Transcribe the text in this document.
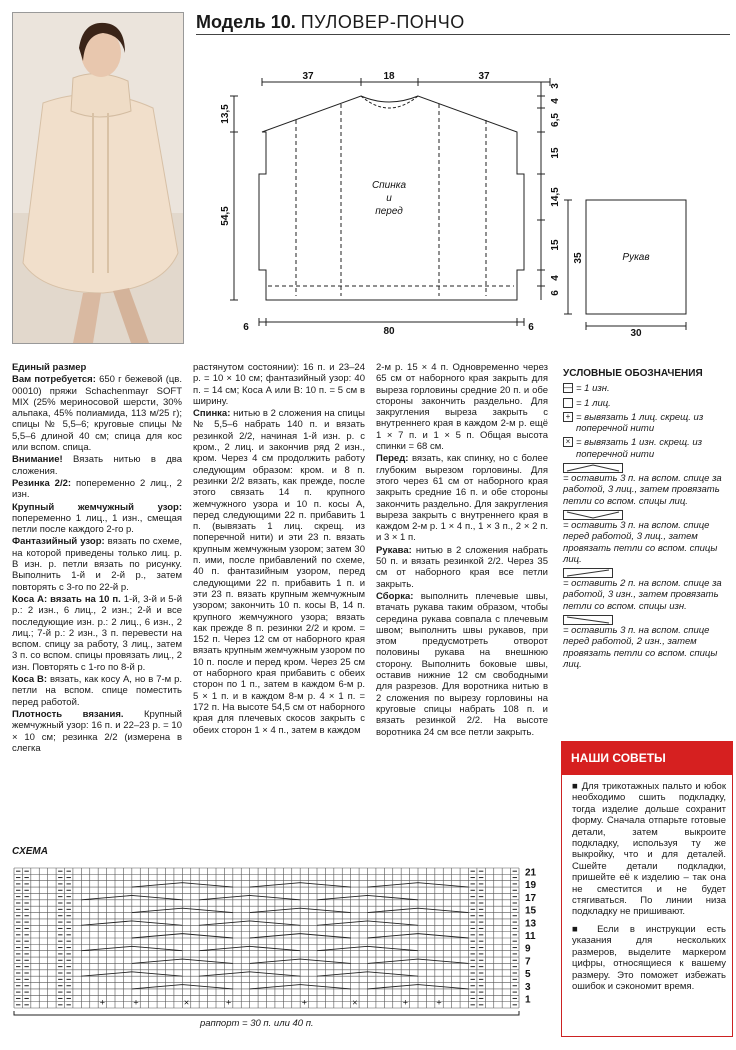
Модель 10. ПУЛОВЕР-ПОНЧО
37	18	37
13,5
54,5
6,5
4
3
15
14,5
15
4
6
6	80	6
35
30
Спинка
и
перед
Рукав

Единый размер

Вам потребуется: 650 г бежевой (цв. 00010) пряжи Schachenmayr SOFT MIX (25% мериносовой шерсти, 30% альпака, 45% полиамида, 113 м/25 г); спицы № 5,5–6; круговые спицы № 5,5–6 длиной 40 см; спица для кос или вспом. спица.

Внимание! Вязать нитью в два сложения.

Резинка 2/2: попеременно 2 лиц., 2 изн.

Крупный жемчужный узор: попеременно 1 лиц., 1 изн., смещая петли после каждого 2-го р.

Фантазийный узор: вязать по схеме, на которой приведены только лиц. р. В изн. р. петли вязать по рисунку. Выполнить 1-й и 2-й р., затем повторять с 3-го по 22-й р.

Коса А: вязать на 10 п. 1-й, 3-й и 5-й р.: 2 изн., 6 лиц., 2 изн.; 2-й и все последующие изн. р.: 2 лиц., 6 изн., 2 лиц.; 7-й р.: 2 изн., 3 п. перевести на вспом. спицу за работу, 3 лиц., затем 3 п. со вспом. спицы провязать лиц., 2 изн. Повторять с 1-го по 8-й р.

Коса В: вязать, как косу А, но в 7-м р. петли на вспом. спице поместить перед работой.

Плотность вязания. Крупный жемчужный узор: 16 п. и 22–23 р. = 10 × 10 см; резинка 2/2 (измерена в слегка

растянутом состоянии): 16 п. и 23–24 р. = 10 × 10 см; фантазийный узор: 40 п. = 14 см; Коса А или В: 10 п. = 5 см в ширину.

Спинка: нитью в 2 сложения на спицы № 5,5–6 набрать 140 п. и вязать резинкой 2/2, начиная 1-й изн. р. с кром., 2 лиц. и закончив ряд 2 изн., кром. Через 4 см продолжить работу следующим образом: кром. и 8 п. резинки 2/2 вязать, как прежде, после этого связать 14 п. крупного жемчужного узора и 10 п. косы А, перед следующими 22 п. прибавить 1 п. (вывязать 1 лиц. скрещ. из поперечной нити) и эти 23 п. вязать крупным жемчужным узором; затем 30 п. ими, после прибавлений по схеме, 40 п. фантазийным узором, перед следующими 22 п. прибавить 1 п. и эти 23 п. вязать крупным жемчужным узором; закончить 10 п. косы В, 14 п. крупного жемчужного узора; вязать как прежде 8 п. резинки 2/2 и кром. = 152 п. Через 12 см от наборного края вязать крупным жемчужным узором по 10 п. после и перед кром. Через 25 см от наборного края прибавить с обеих сторон по 1 п., затем в каждом 6-м р. 5 × 1 п. и в каждом 8-м р. 4 × 1 п. = 172 п. На высоте 54,5 см от наборного края для плечевых скосов закрыть с обеих сторон 1 × 4 п., затем в каждом

2-м р. 15 × 4 п. Одновременно через 65 см от наборного края закрыть для выреза горловины средние 20 п. и обе стороны закончить раздельно. Для закругления выреза закрыть с внутреннего края в каждом 2-м р. ещё 1 × 7 п. и 1 × 5 п. Общая высота спинки = 68 см.

Перед: вязать, как спинку, но с более глубоким вырезом горловины. Для этого через 61 см от наборного края закрыть средние 16 п. и обе стороны закончить раздельно. Для закругления выреза закрыть с внутреннего края в каждом 2-м р. 1 × 4 п., 1 × 3 п., 2 × 2 п. и 3 × 1 п.

Рукава: нитью в 2 сложения набрать 50 п. и вязать резинкой 2/2. Через 35 см от наборного края все петли закрыть.

Сборка: выполнить плечевые швы, втачать рукава таким образом, чтобы середина рукава совпала с плечевым швом; выполнить швы рукавов, при этом предусмотреть отворот половины рукава на внешнюю сторону. Выполнить боковые швы, оставив нижние 12 см свободными для разрезов. Для воротника нитью в 2 сложения по вырезу горловины на круговые спицы набрать 108 п. и вязать резинкой 2/2. На высоте воротника 24 см все петли закрыть.

УСЛОВНЫЕ ОБОЗНАЧЕНИЯ
— = 1 изн.
= 1 лиц.
+ = вывязать 1 лиц. скрещ. из поперечной нити
× = вывязать 1 изн. скрещ. из поперечной нити
= оставить 3 п. на вспом. спице за работой, 3 лиц., затем провязать петли со вспом. спицы лиц.
= оставить 3 п. на вспом. спице перед работой, 3 лиц., затем провязать петли со вспом. спицы лиц.
= оставить 2 п. на вспом. спице за работой, 3 изн., затем провязать петли со вспом. спицы изн.
= оставить 3 п. на вспом. спице перед работой, 2 изн., затем провязать петли со вспом. спицы лиц.
НАШИ СОВЕТЫ

■ Для трикотажных пальто и юбок необходимо сшить подкладку, тогда изделие дольше сохранит форму. Сначала отпарьте готовые детали, затем выкроите подкладку, используя ту же выкройку, что и для деталей. Сшейте детали подкладки, пришейте её к изделию – так она не сместится и не будет стягиваться. По линии низа подкладку не пришивают.

■ Если в инструкции есть указания для нескольких размеров, выделите маркером цифры, относящиеся к вашему размеру. Это поможет избежать ошибок и сэкономит время.

СХЕМА
+	+	×	+	+	×	+	+
21
19
17
15
13
11
9
7
5
3
1
раппорт = 30 п. или 40 п.
